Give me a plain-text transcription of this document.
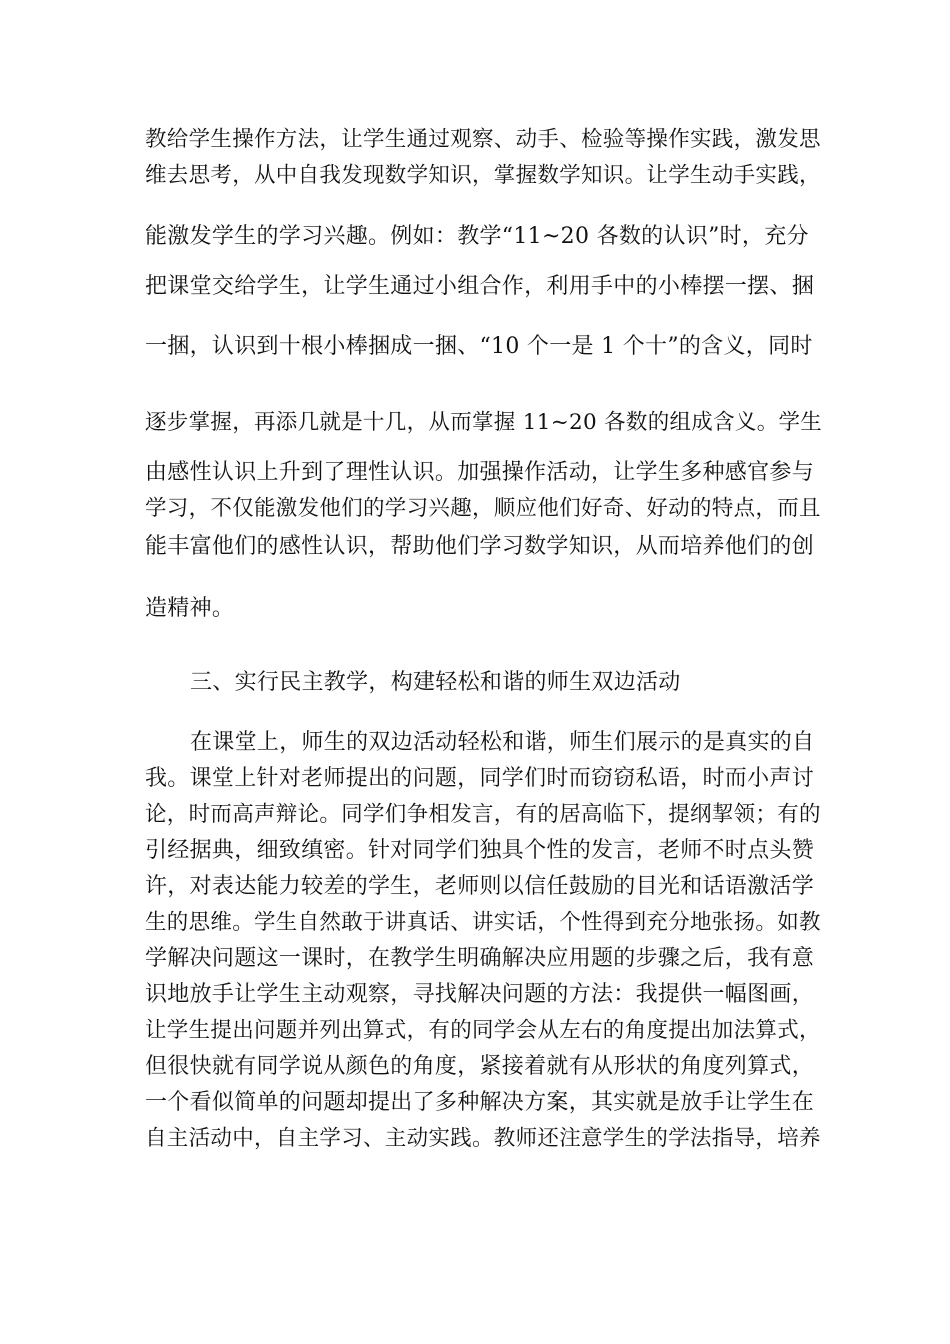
教给学生操作方法，让学生通过观察、动手、检验等操作实践，激发思
维去思考，从中自我发现数学知识，掌握数学知识。让学生动手实践，
能激发学生的学习兴趣。例如：教学“11~20 各数的认识”时，充分
把课堂交给学生，让学生通过小组合作，利用手中的小棒摆一摆、捆
一捆，认识到十根小棒捆成一捆、“10 个一是 1 个十”的含义，同时
逐步掌握，再添几就是十几，从而掌握 11~20 各数的组成含义。学生
由感性认识上升到了理性认识。加强操作活动，让学生多种感官参与
学习，不仅能激发他们的学习兴趣，顺应他们好奇、好动的特点，而且
能丰富他们的感性认识，帮助他们学习数学知识，从而培养他们的创
造精神。
三、实行民主教学，构建轻松和谐的师生双边活动
在课堂上，师生的双边活动轻松和谐，师生们展示的是真实的自
我。课堂上针对老师提出的问题，同学们时而窃窃私语，时而小声讨
论，时而高声辩论。同学们争相发言，有的居高临下，提纲挈领；有的
引经据典，细致缜密。针对同学们独具个性的发言，老师不时点头赞
许，对表达能力较差的学生，老师则以信任鼓励的目光和话语激活学
生的思维。学生自然敢于讲真话、讲实话，个性得到充分地张扬。如教
学解决问题这一课时，在教学生明确解决应用题的步骤之后，我有意
识地放手让学生主动观察，寻找解决问题的方法：我提供一幅图画，
让学生提出问题并列出算式，有的同学会从左右的角度提出加法算式，
但很快就有同学说从颜色的角度，紧接着就有从形状的角度列算式，
一个看似简单的问题却提出了多种解决方案，其实就是放手让学生在
自主活动中，自主学习、主动实践。教师还注意学生的学法指导，培养
